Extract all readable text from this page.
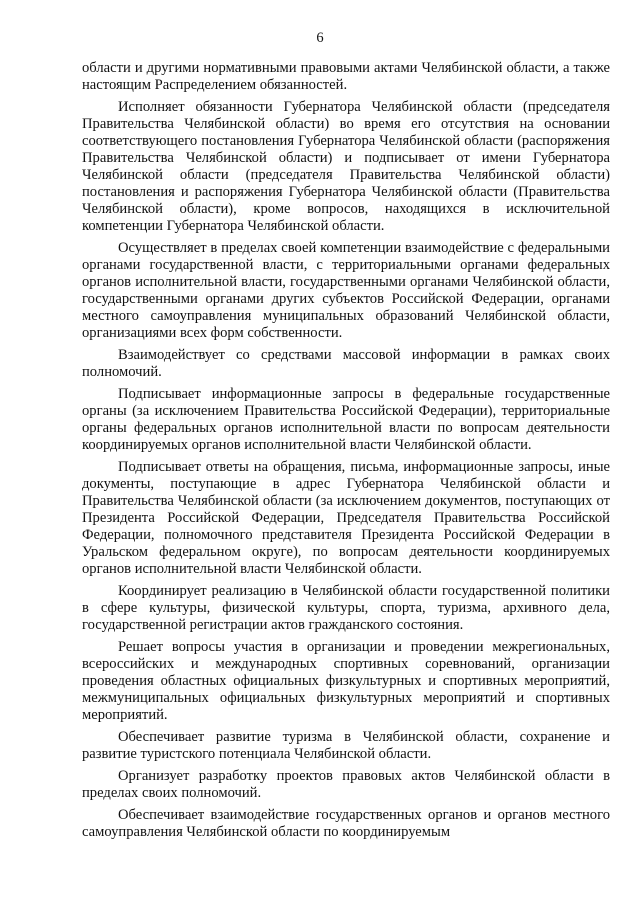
6

области и другими нормативными правовыми актами Челябинской области, а также настоящим Распределением обязанностей.

Исполняет обязанности Губернатора Челябинской области (председателя Правительства Челябинской области) во время его отсутствия на основании соответствующего постановления Губернатора Челябинской области (распоряжения Правительства Челябинской области) и подписывает от имени Губернатора Челябинской области (председателя Правительства Челябинской области) постановления и распоряжения Губернатора Челябинской области (Правительства Челябинской области), кроме вопросов, находящихся в исключительной компетенции Губернатора Челябинской области.

Осуществляет в пределах своей компетенции взаимодействие с федеральными органами государственной власти, с территориальными органами федеральных органов исполнительной власти, государственными органами Челябинской области, государственными органами других субъектов Российской Федерации, органами местного самоуправления муниципальных образований Челябинской области, организациями всех форм собственности.

Взаимодействует со средствами массовой информации в рамках своих полномочий.

Подписывает информационные запросы в федеральные государственные органы (за исключением Правительства Российской Федерации), территориальные органы федеральных органов исполнительной власти по вопросам деятельности координируемых органов исполнительной власти Челябинской области.

Подписывает ответы на обращения, письма, информационные запросы, иные документы, поступающие в адрес Губернатора Челябинской области и Правительства Челябинской области (за исключением документов, поступающих от Президента Российской Федерации, Председателя Правительства Российской Федерации, полномочного представителя Президента Российской Федерации в Уральском федеральном округе), по вопросам деятельности координируемых органов исполнительной власти Челябинской области.

Координирует реализацию в Челябинской области государственной политики в сфере культуры, физической культуры, спорта, туризма, архивного дела, государственной регистрации актов гражданского состояния.

Решает вопросы участия в организации и проведении межрегиональных, всероссийских и международных спортивных соревнований, организации проведения областных официальных физкультурных и спортивных мероприятий, межмуниципальных официальных физкультурных мероприятий и спортивных мероприятий.

Обеспечивает развитие туризма в Челябинской области, сохранение и развитие туристского потенциала Челябинской области.

Организует разработку проектов правовых актов Челябинской области в пределах своих полномочий.

Обеспечивает взаимодействие государственных органов и органов местного самоуправления Челябинской области по координируемым
